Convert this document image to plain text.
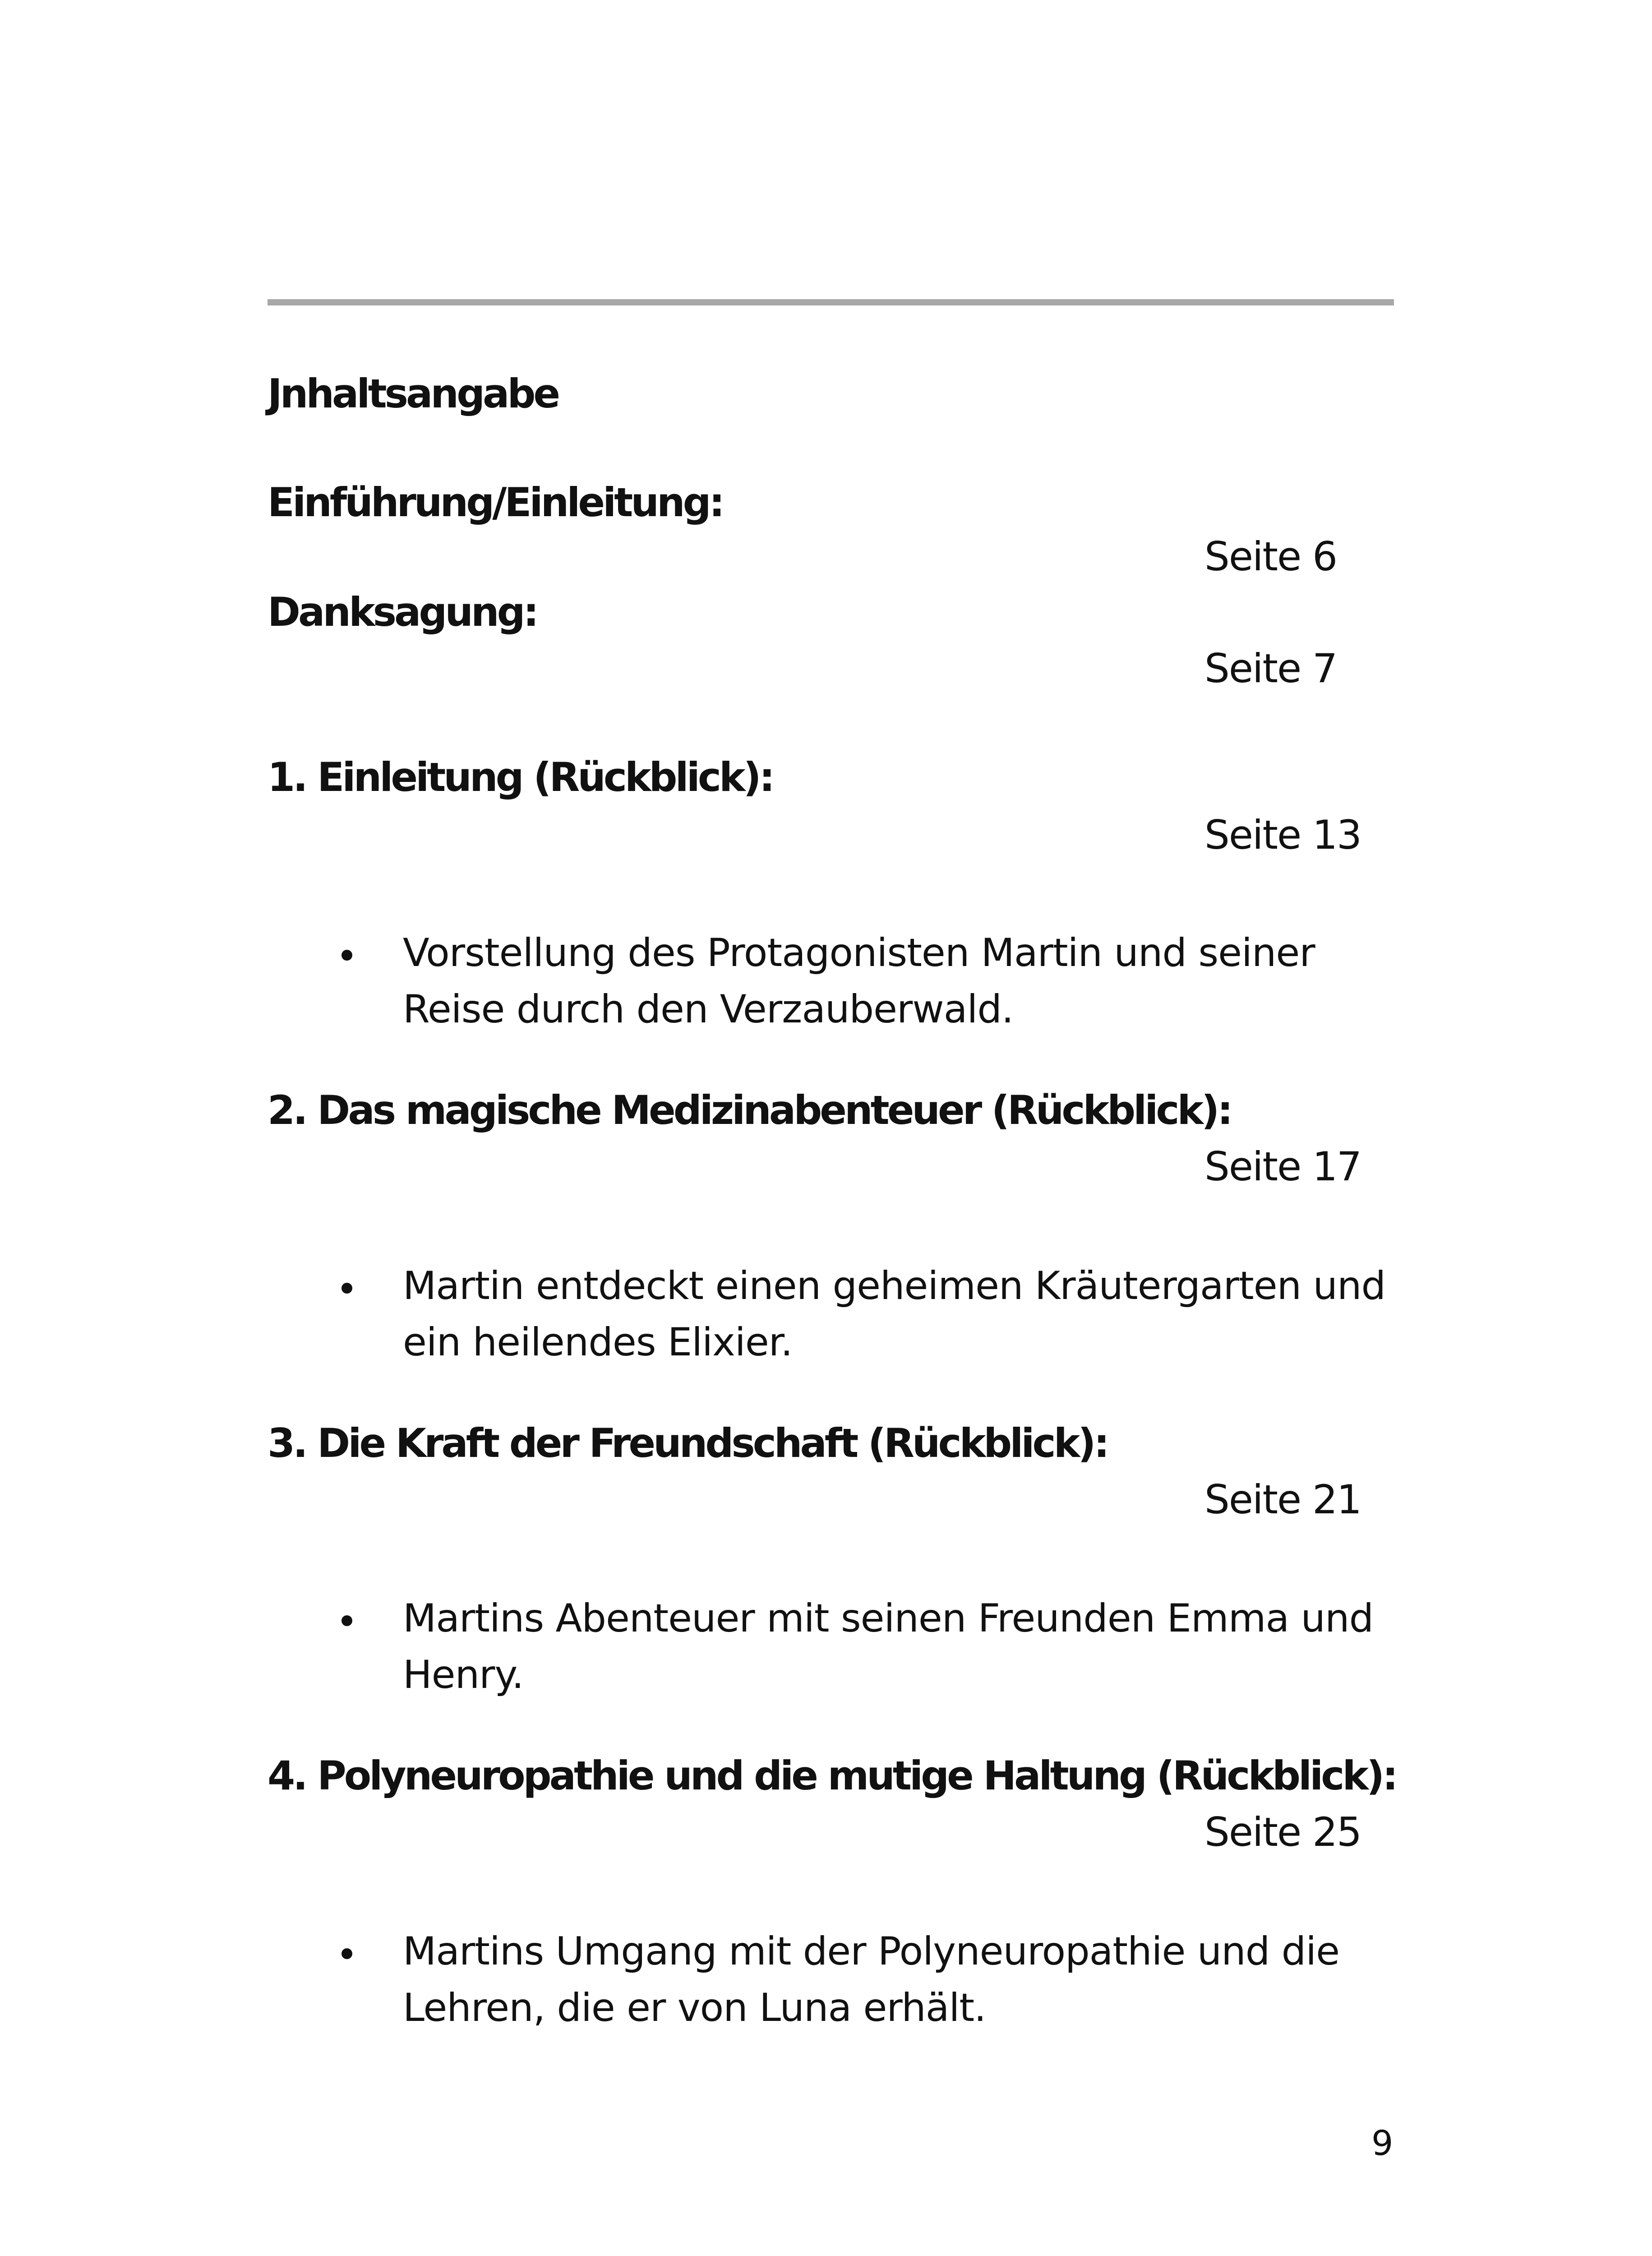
Jnhaltsangabe
Einführung/Einleitung:
Seite 6
Danksagung:
Seite 7
1. Einleitung (Rückblick):
Seite 13
Vorstellung des Protagonisten Martin und seiner Reise durch den Verzauberwald.
2. Das magische Medizinabenteuer (Rückblick):
Seite 17
Martin entdeckt einen geheimen Kräutergarten und ein heilendes Elixier.
3. Die Kraft der Freundschaft (Rückblick):
Seite 21
Martins Abenteuer mit seinen Freunden Emma und Henry.
4. Polyneuropathie und die mutige Haltung (Rückblick):
Seite 25
Martins Umgang mit der Polyneuropathie und die Lehren, die er von Luna erhält.
9
